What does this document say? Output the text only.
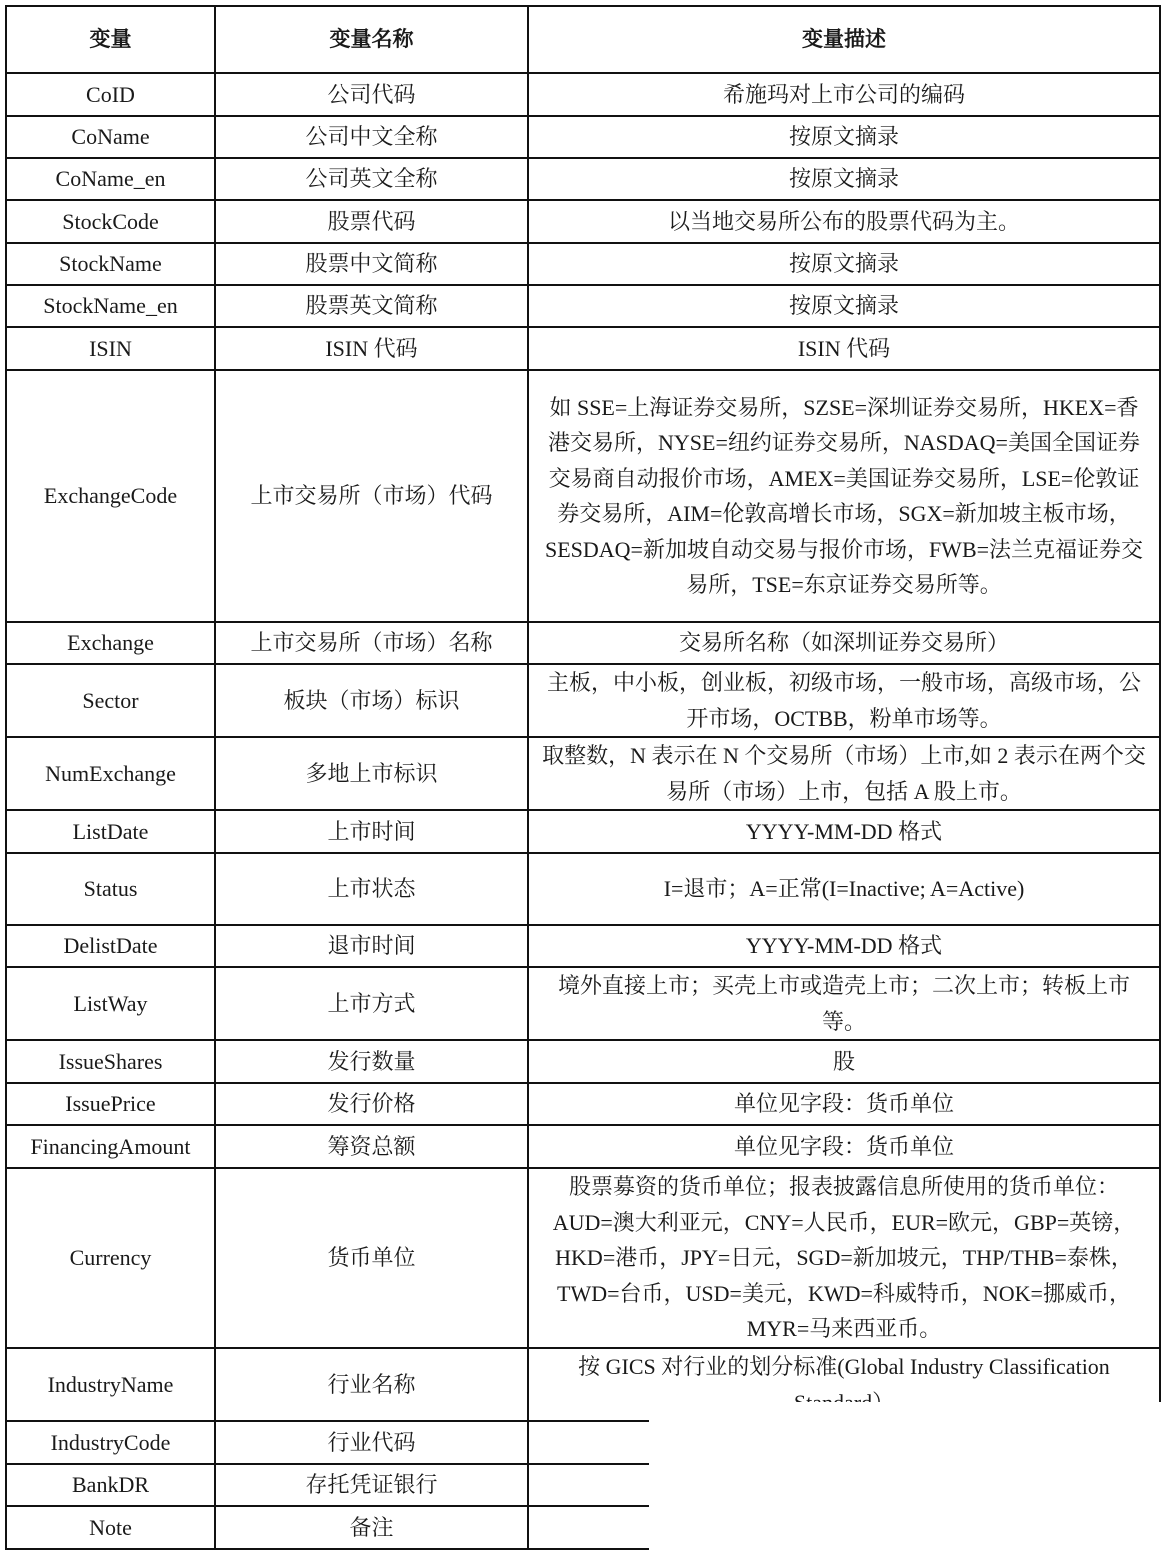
变量	变量名称	变量描述
CoID	公司代码	希施玛对上市公司的编码
CoName	公司中文全称	按原文摘录
CoName_en	公司英文全称	按原文摘录
StockCode	股票代码	以当地交易所公布的股票代码为主。
StockName	股票中文简称	按原文摘录
StockName_en	股票英文简称	按原文摘录
ISIN	ISIN 代码	ISIN 代码
ExchangeCode	上市交易所（市场）代码	如 SSE=上海证券交易所，SZSE=深圳证券交易所，HKEX=香港交易所，NYSE=纽约证券交易所，NASDAQ=美国全国证券交易商自动报价市场，AMEX=美国证券交易所，LSE=伦敦证券交易所，AIM=伦敦高增长市场，SGX=新加坡主板市场，SESDAQ=新加坡自动交易与报价市场，FWB=法兰克福证券交易所，TSE=东京证券交易所等。
Exchange	上市交易所（市场）名称	交易所名称（如深圳证券交易所）
Sector	板块（市场）标识	主板，中小板，创业板，初级市场，一般市场，高级市场，公开市场，OCTBB，粉单市场等。
NumExchange	多地上市标识	取整数，N 表示在 N 个交易所（市场）上市,如 2 表示在两个交易所（市场）上市，包括 A 股上市。
ListDate	上市时间	YYYY-MM-DD 格式
Status	上市状态	I=退市；A=正常(I=Inactive; A=Active)
DelistDate	退市时间	YYYY-MM-DD 格式
ListWay	上市方式	境外直接上市；买壳上市或造壳上市；二次上市；转板上市等。
IssueShares	发行数量	股
IssuePrice	发行价格	单位见字段：货币单位
FinancingAmount	筹资总额	单位见字段：货币单位
Currency	货币单位	股票募资的货币单位；报表披露信息所使用的货币单位：AUD=澳大利亚元，CNY=人民币，EUR=欧元，GBP=英镑，HKD=港币，JPY=日元，SGD=新加坡元，THP/THB=泰株，TWD=台币，USD=美元，KWD=科威特币，NOK=挪威币， MYR=马来西亚币。
IndustryName	行业名称	按 GICS 对行业的划分标准(Global Industry Classification
IndustryCode	行业代码	
BankDR	存托凭证银行	
Note	备注	
